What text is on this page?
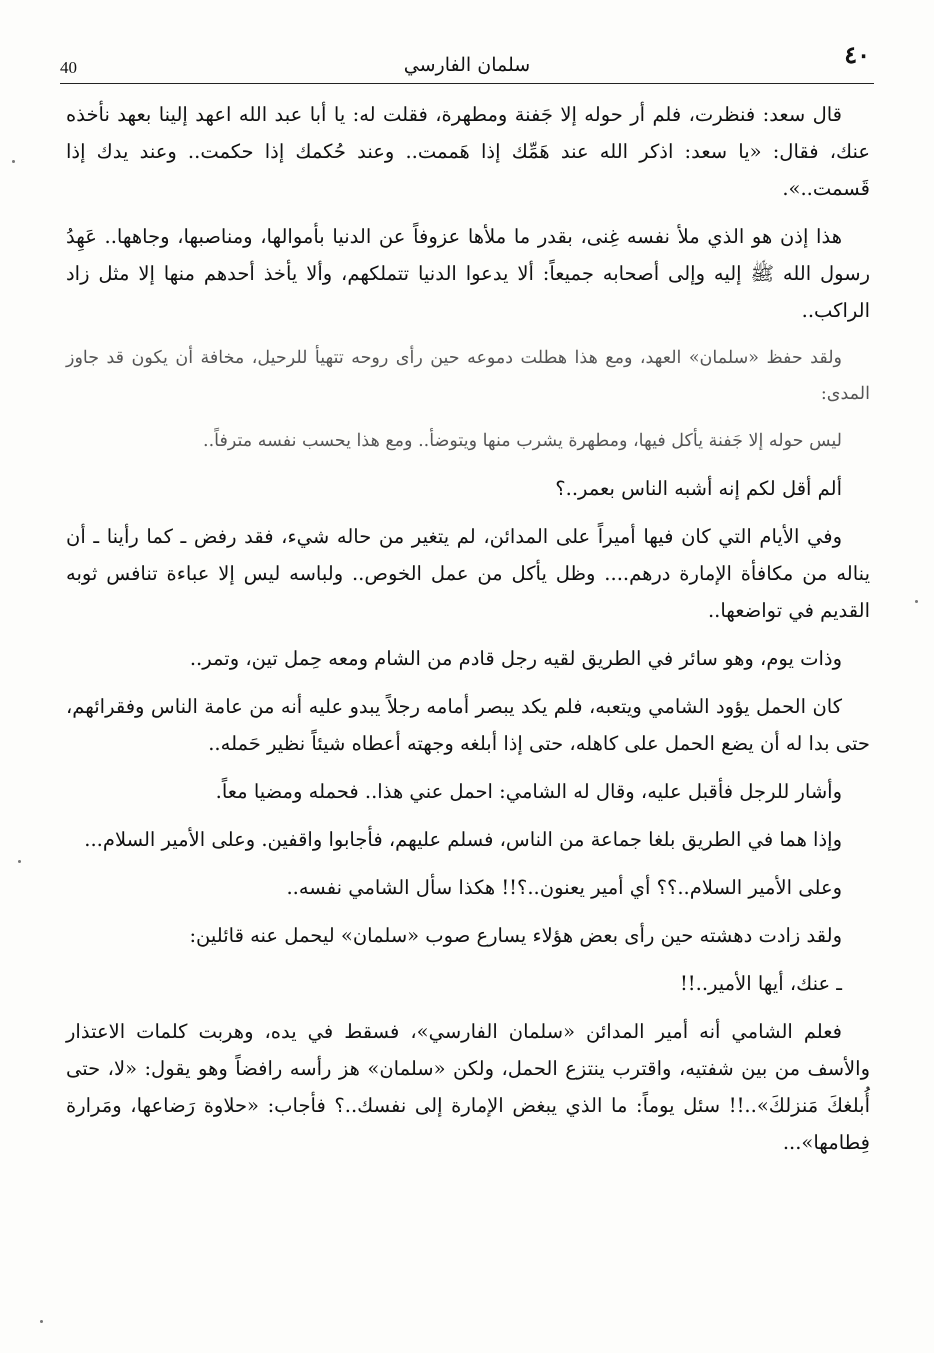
40	سلمان الفارسي	٤٠

قال سعد: فنظرت، فلم أر حوله إلا جَفنة ومطهرة، فقلت له: يا أبا عبد الله اعهد إلينا بعهد نأخذه عنك، فقال: «يا سعد: اذكر الله عند هَمِّك إذا هَممت.. وعند حُكمك إذا حكمت.. وعند يدك إذا قَسمت..».

هذا إذن هو الذي ملأ نفسه غِنى، بقدر ما ملأها عزوفاً عن الدنيا بأموالها، ومناصبها، وجاهها.. عَهِدُ رسول الله ﷺ إليه وإلى أصحابه جميعاً: ألا يدعوا الدنيا تتملكهم، وألا يأخذ أحدهم منها إلا مثل زاد الراكب..

ولقد حفظ «سلمان» العهد، ومع هذا هطلت دموعه حين رأى روحه تتهيأ للرحيل، مخافة أن يكون قد جاوز المدى:

ليس حوله إلا جَفنة يأكل فيها، ومطهرة يشرب منها ويتوضأ.. ومع هذا يحسب نفسه مترفاً..

ألم أقل لكم إنه أشبه الناس بعمر..؟

وفي الأيام التي كان فيها أميراً على المدائن، لم يتغير من حاله شيء، فقد رفض ـ كما رأينا ـ أن يناله من مكافأة الإمارة درهم.... وظل يأكل من عمل الخوص.. ولباسه ليس إلا عباءة تنافس ثوبه القديم في تواضعها..

وذات يوم، وهو سائر في الطريق لقيه رجل قادم من الشام ومعه حِمل تين، وتمر..

كان الحمل يؤود الشامي ويتعبه، فلم يكد يبصر أمامه رجلاً يبدو عليه أنه من عامة الناس وفقرائهم، حتى بدا له أن يضع الحمل على كاهله، حتى إذا أبلغه وجهته أعطاه شيئاً نظير حَمله..

وأشار للرجل فأقبل عليه، وقال له الشامي: احمل عني هذا.. فحمله ومضيا معاً.

وإذا هما في الطريق بلغا جماعة من الناس، فسلم عليهم، فأجابوا واقفين. وعلى الأمير السلام...

وعلى الأمير السلام..؟؟ أي أمير يعنون..؟!! هكذا سأل الشامي نفسه..

ولقد زادت دهشته حين رأى بعض هؤلاء يسارع صوب «سلمان» ليحمل عنه قائلين:

ـ عنك، أيها الأمير..!!

فعلم الشامي أنه أمير المدائن «سلمان الفارسي»، فسقط في يده، وهربت كلمات الاعتذار والأسف من بين شفتيه، واقترب ينتزع الحمل، ولكن «سلمان» هز رأسه رافضاً وهو يقول: «لا، حتى أُبلغكَ مَنزلكَ»..!! سئل يوماً: ما الذي يبغض الإمارة إلى نفسك..؟ فأجاب: «حلاوة رَضاعها، ومَرارة فِطامها»...
